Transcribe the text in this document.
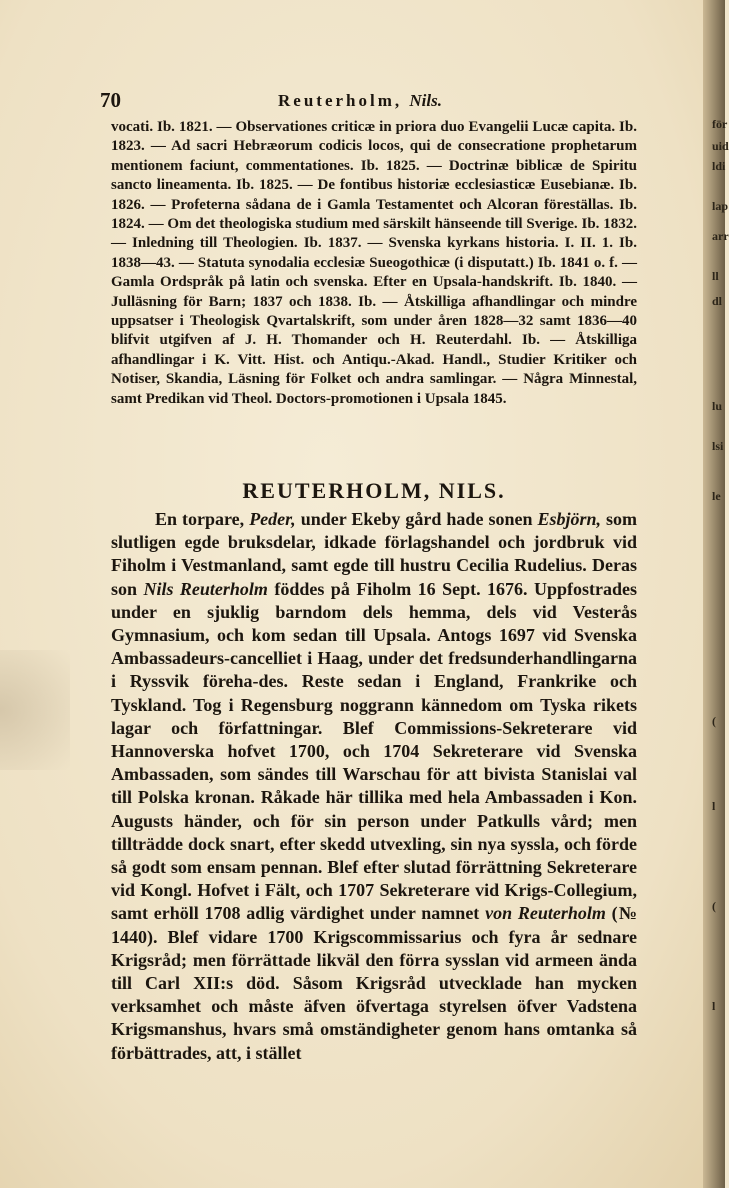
70	Reuterholm, Nils.

vocati. Ib. 1821. — Observationes criticæ in priora duo Evangelii Lucæ capita. Ib. 1823. — Ad sacri Hebræorum codicis locos, qui de consecratione prophetarum mentionem faciunt, commentationes. Ib. 1825. — Doctrinæ biblicæ de Spiritu sancto lineamenta. Ib. 1825. — De fontibus historiæ ecclesiasticæ Eusebianæ. Ib. 1826. — Profeterna sådana de i Gamla Testamentet och Alcoran föreställas. Ib. 1824. — Om det theologiska studium med särskilt hänseende till Sverige. Ib. 1832. — Inledning till Theologien. Ib. 1837. — Svenska kyrkans historia. I. II. 1. Ib. 1838—43. — Statuta synodalia ecclesiæ Sueogothicæ (i disputatt.) Ib. 1841 o. f. — Gamla Ordspråk på latin och svenska. Efter en Upsala-handskrift. Ib. 1840. — Julläsning för Barn; 1837 och 1838. Ib. — Åtskilliga afhandlingar och mindre uppsatser i Theologisk Qvartalskrift, som under åren 1828—32 samt 1836—40 blifvit utgifven af J. H. Thomander och H. Reuterdahl. Ib. — Åtskilliga afhandlingar i K. Vitt. Hist. och Antiqu.-Akad. Handl., Studier Kritiker och Notiser, Skandia, Läsning för Folket och andra samlingar. — Några Minnestal, samt Predikan vid Theol. Doctors-promotionen i Upsala 1845.

REUTERHOLM, NILS.

En torpare, Peder, under Ekeby gård hade sonen Esbjörn, som slutligen egde bruksdelar, idkade förlagshandel och jordbruk vid Fiholm i Vestmanland, samt egde till hustru Cecilia Rudelius. Deras son Nils Reuterholm föddes på Fiholm 16 Sept. 1676. Uppfostrades under en sjuklig barndom dels hemma, dels vid Vesterås Gymnasium, och kom sedan till Upsala. Antogs 1697 vid Svenska Ambassadeurs-cancelliet i Haag, under det fredsunderhandlingarna i Ryssvik föreha-des. Reste sedan i England, Frankrike och Tyskland. Tog i Regensburg noggrann kännedom om Tyska rikets lagar och författningar. Blef Commissions-Sekreterare vid Hannoverska hofvet 1700, och 1704 Sekreterare vid Svenska Ambassaden, som sändes till Warschau för att bivista Stanislai val till Polska kronan. Råkade här tillika med hela Ambassaden i Kon. Augusts händer, och för sin person under Patkulls vård; men tillträdde dock snart, efter skedd utvexling, sin nya syssla, och förde så godt som ensam pennan. Blef efter slutad förrättning Sekreterare vid Kongl. Hofvet i Fält, och 1707 Sekreterare vid Krigs-Collegium, samt erhöll 1708 adlig värdighet under namnet von Reuterholm (№ 1440). Blef vidare 1700 Krigscommissarius och fyra år sednare Krigsråd; men förrättade likväl den förra sysslan vid armeen ända till Carl XII:s död. Såsom Krigsråd utvecklade han mycken verksamhet och måste äfven öfvertaga styrelsen öfver Vadstena Krigsmanshus, hvars små omständigheter genom hans omtanka så förbättrades, att, i stället

för
uid
ldi
lap
arr
ll
dl
lu
lsi
le
(
l
(
l
